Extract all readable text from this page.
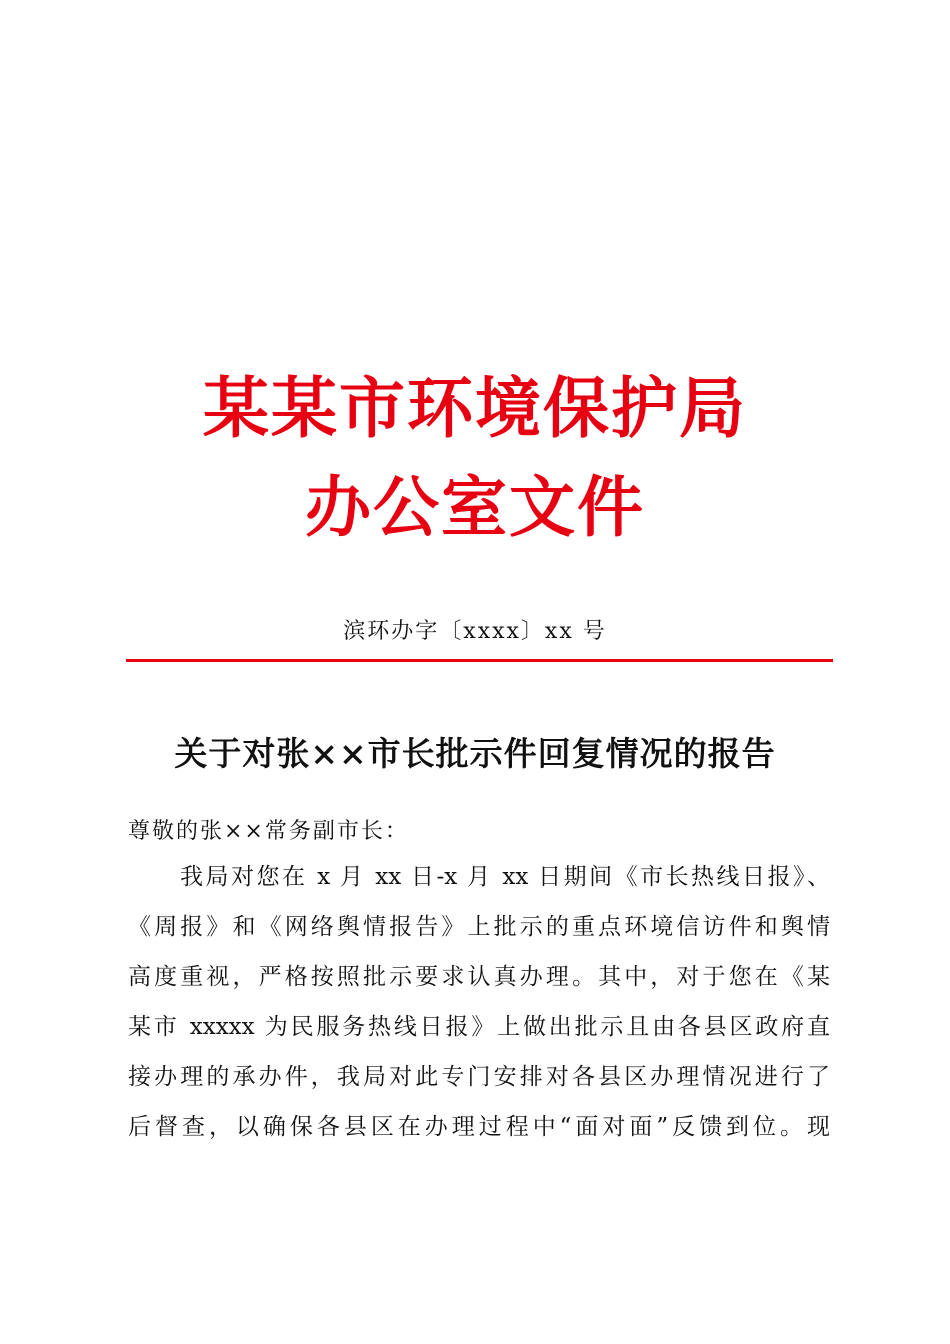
某某市环境保护局
办公室文件
滨环办字〔xxxx〕xx 号
关于对张××市长批示件回复情况的报告
尊敬的张××常务副市长：
我局对您在 x 月 xx 日-x 月 xx 日期间《市长热线日报》、
《周报》和《网络舆情报告》上批示的重点环境信访件和舆情
高度重视，严格按照批示要求认真办理。其中，对于您在《某
某市 xxxxx 为民服务热线日报》上做出批示且由各县区政府直
接办理的承办件，我局对此专门安排对各县区办理情况进行了
后督查，以确保各县区在办理过程中“面对面”反馈到位。现
